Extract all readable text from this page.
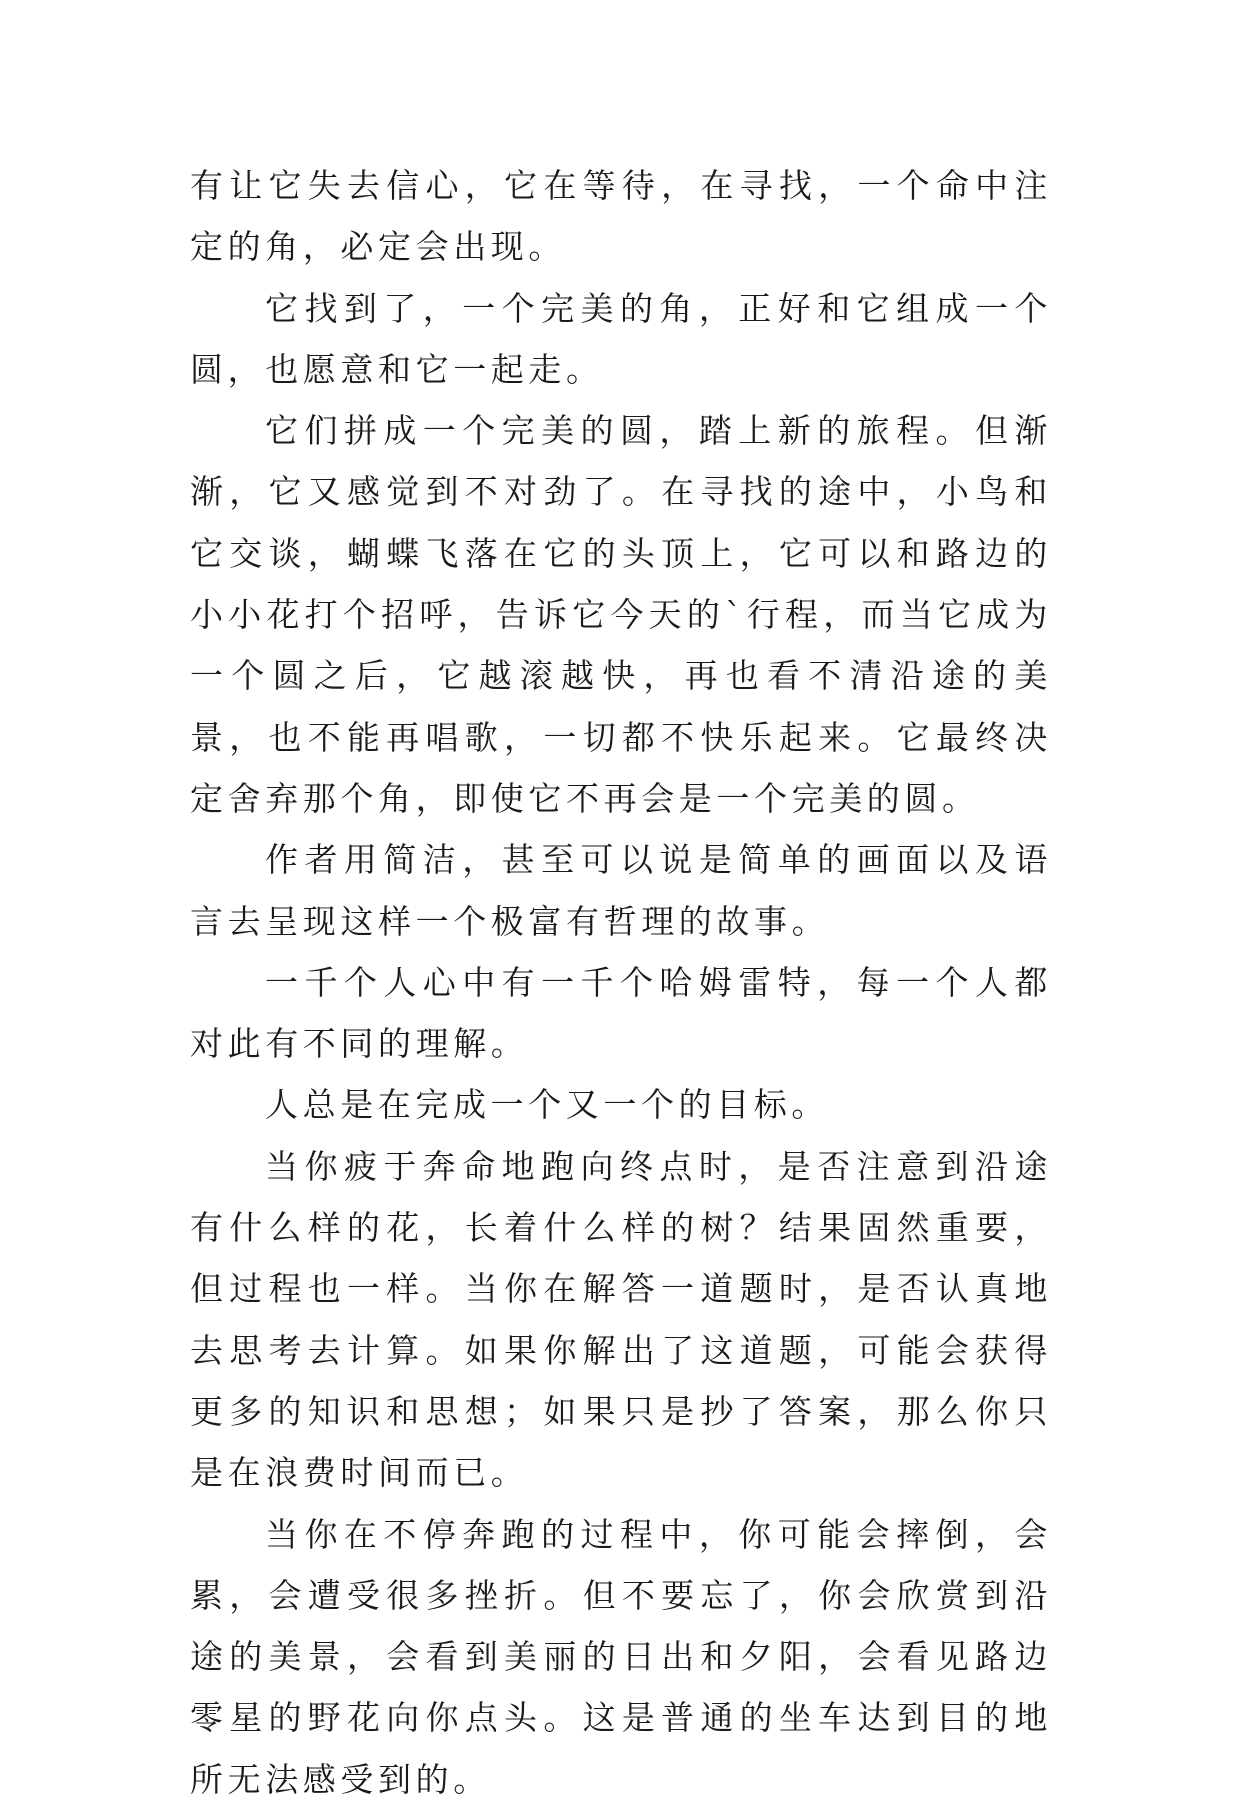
有让它失去信心，它在等待，在寻找，一个命中注定的角，必定会出现。

它找到了，一个完美的角，正好和它组成一个圆，也愿意和它一起走。

它们拼成一个完美的圆，踏上新的旅程。但渐渐，它又感觉到不对劲了。在寻找的途中，小鸟和它交谈，蝴蝶飞落在它的头顶上，它可以和路边的小小花打个招呼，告诉它今天的`行程，而当它成为一个圆之后，它越滚越快，再也看不清沿途的美景，也不能再唱歌，一切都不快乐起来。它最终决定舍弃那个角，即使它不再会是一个完美的圆。

作者用简洁，甚至可以说是简单的画面以及语言去呈现这样一个极富有哲理的故事。

一千个人心中有一千个哈姆雷特，每一个人都对此有不同的理解。

人总是在完成一个又一个的目标。

当你疲于奔命地跑向终点时，是否注意到沿途有什么样的花，长着什么样的树？结果固然重要，但过程也一样。当你在解答一道题时，是否认真地去思考去计算。如果你解出了这道题，可能会获得更多的知识和思想；如果只是抄了答案，那么你只是在浪费时间而已。

当你在不停奔跑的过程中，你可能会摔倒，会累，会遭受很多挫折。但不要忘了，你会欣赏到沿途的美景，会看到美丽的日出和夕阳，会看见路边零星的野花向你点头。这是普通的坐车达到目的地所无法感受到的。
